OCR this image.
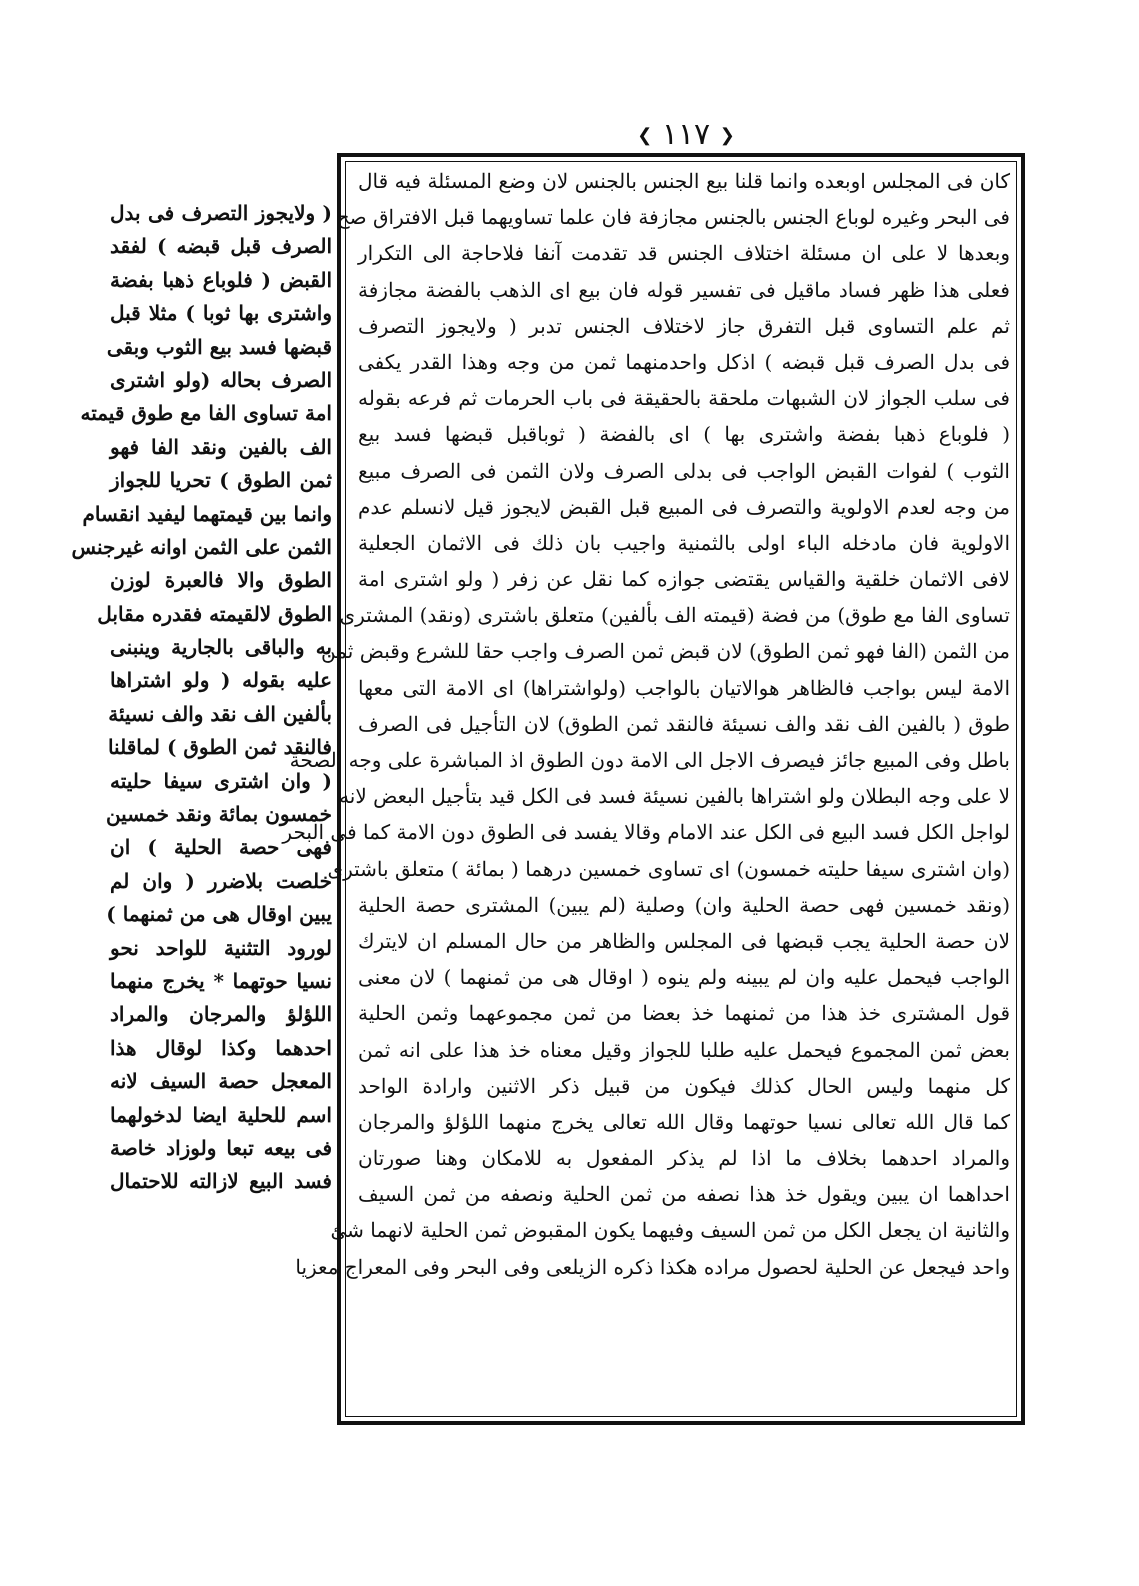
❮ ١١٧ ❯
كان فى المجلس اوبعده وانما قلنا بيع الجنس بالجنس لان وضع المسئلة فيه قال
فى البحر وغيره لوباع الجنس بالجنس مجازفة فان علما تساويهما قبل الافتراق صح
وبعدها لا على ان مسئلة اختلاف الجنس قد تقدمت آنفا فلاحاجة الى التكرار
فعلى هذا ظهر فساد ماقيل فى تفسير قوله فان بيع اى الذهب بالفضة مجازفة
ثم علم التساوى قبل التفرق جاز لاختلاف الجنس تدبر ( ولايجوز التصرف
فى بدل الصرف قبل قبضه ) اذكل واحدمنهما ثمن من وجه وهذا القدر يكفى
فى سلب الجواز لان الشبهات ملحقة بالحقيقة فى باب الحرمات ثم فرعه بقوله
( فلوباع ذهبا بفضة واشترى بها ) اى بالفضة ( ثوباقبل قبضها فسد بيع
الثوب ) لفوات القبض الواجب فى بدلى الصرف ولان الثمن فى الصرف مبيع
من وجه لعدم الاولوية والتصرف فى المبيع قبل القبض لايجوز قيل لانسلم عدم
الاولوية فان مادخله الباء اولى بالثمنية واجيب بان ذلك فى الاثمان الجعلية
لافى الاثمان خلقية والقياس يقتضى جوازه كما نقل عن زفر ( ولو اشترى امة
تساوى الفا مع طوق) من فضة (قيمته الف بألفين) متعلق باشترى (ونقد) المشترى
من الثمن (الفا فهو ثمن الطوق) لان قبض ثمن الصرف واجب حقا للشرع وقبض ثمن
الامة ليس بواجب فالظاهر هوالاتيان بالواجب (ولواشتراها) اى الامة التى معها
طوق ( بالفين الف نقد والف نسيئة فالنقد ثمن الطوق) لان التأجيل فى الصرف
باطل وفى المبيع جائز فيصرف الاجل الى الامة دون الطوق اذ المباشرة على وجه الصحة
لا على وجه البطلان ولو اشتراها بالفين نسيئة فسد فى الكل قيد بتأجيل البعض لانه
لواجل الكل فسد البيع فى الكل عند الامام وقالا يفسد فى الطوق دون الامة كما فى البحر
(وان اشترى سيفا حليته خمسون) اى تساوى خمسين درهما ( بمائة ) متعلق باشترى
(ونقد خمسين فهى حصة الحلية وان) وصلية (لم يبين) المشترى حصة الحلية
لان حصة الحلية يجب قبضها فى المجلس والظاهر من حال المسلم ان لايترك
الواجب فيحمل عليه وان لم يبينه ولم ينوه ( اوقال هى من ثمنهما ) لان معنى
قول المشترى خذ هذا من ثمنهما خذ بعضا من ثمن مجموعهما وثمن الحلية
بعض ثمن المجموع فيحمل عليه طلبا للجواز وقيل معناه خذ هذا على انه ثمن
كل منهما وليس الحال كذلك فيكون من قبيل ذكر الاثنين وارادة الواحد
كما قال الله تعالى نسيا حوتهما وقال الله تعالى يخرج منهما اللؤلؤ والمرجان
والمراد احدهما بخلاف ما اذا لم يذكر المفعول به للامكان وهنا صورتان
احداهما ان يبين ويقول خذ هذا نصفه من ثمن الحلية ونصفه من ثمن السيف
والثانية ان يجعل الكل من ثمن السيف وفيهما يكون المقبوض ثمن الحلية لانهما شئ
واحد فيجعل عن الحلية لحصول مراده هكذا ذكره الزيلعى وفى البحر وفى المعراج معزيا
( ولايجوز التصرف فى بدل
الصرف قبل قبضه ) لفقد
القبض ( فلوباع ذهبا بفضة
واشترى بها ثوبا ) مثلا قبل
قبضها فسد بيع الثوب وبقى
الصرف بحاله (ولو اشترى
امة تساوى الفا مع طوق قيمته
الف بالفين ونقد الفا فهو
ثمن الطوق ) تحريا للجواز
وانما بين قيمتهما ليفيد انقسام
الثمن على الثمن اوانه غيرجنس
الطوق والا فالعبرة لوزن
الطوق لالقيمته فقدره مقابل
به والباقى بالجارية وينبنى
عليه بقوله ( ولو اشتراها
بألفين الف نقد والف نسيئة
فالنقد ثمن الطوق ) لماقلنا
( وان اشترى سيفا حليته
خمسون بمائة ونقد خمسين
فهى حصة الحلية ) ان
خلصت بلاضرر ( وان لم
يبين اوقال هى من ثمنهما )
لورود التثنية للواحد نحو
نسيا حوتهما * يخرج منهما
اللؤلؤ والمرجان والمراد
احدهما وكذا لوقال هذا
المعجل حصة السيف لانه
اسم للحلية ايضا لدخولهما
فى بيعه تبعا ولوزاد خاصة
فسد البيع لازالته للاحتمال
